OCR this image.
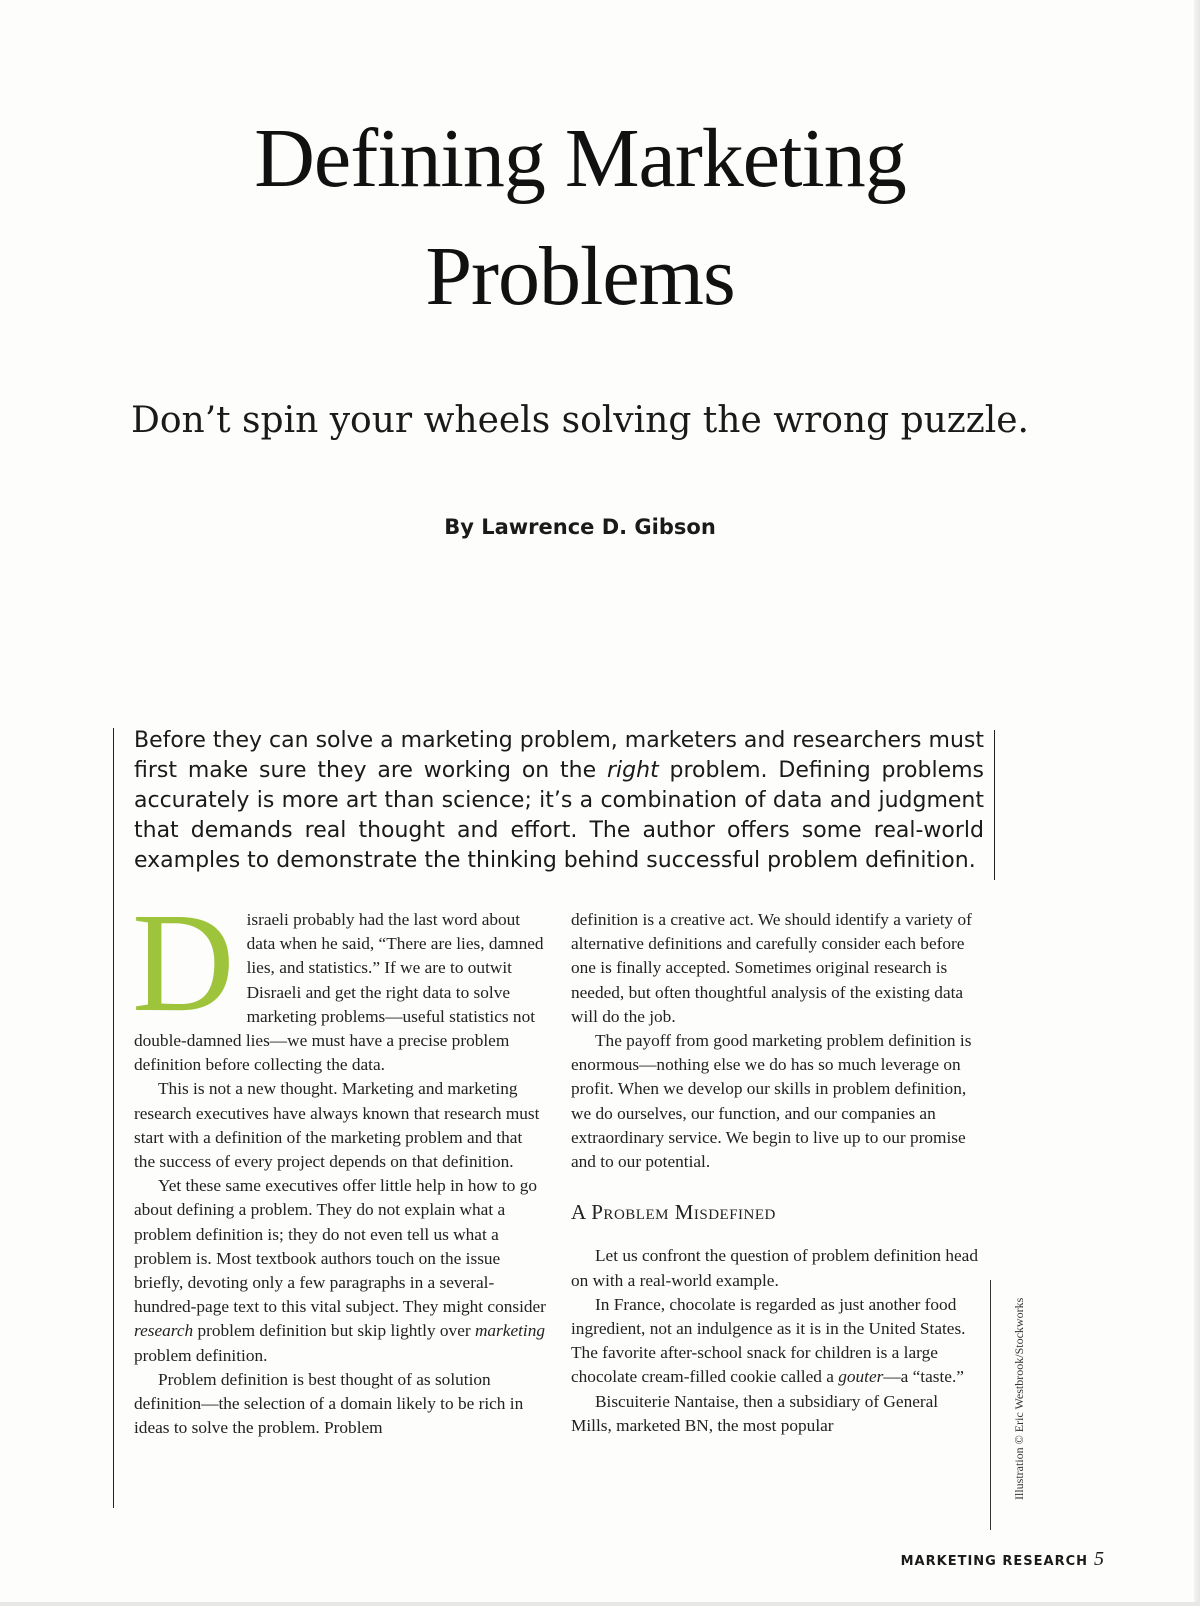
Defining Marketing
Problems
Don’t spin your wheels solving the wrong puzzle.
By Lawrence D. Gibson

Before they can solve a marketing problem, marketers and researchers must first make sure they are working on the right problem. Defining problems accurately is more art than science; it’s a combination of data and judgment that demands real thought and effort. The author offers some real-world examples to demonstrate the thinking behind successful problem definition.

Disraeli probably had the last word about data when he said, “There are lies, damned lies, and statistics.” If we are to outwit Disraeli and get the right data to solve marketing problems—useful statistics not double-damned lies—we must have a precise problem definition before collecting the data.

This is not a new thought. Marketing and marketing research executives have always known that research must start with a definition of the marketing problem and that the success of every project depends on that definition.

Yet these same executives offer little help in how to go about defining a problem. They do not explain what a problem definition is; they do not even tell us what a problem is. Most textbook authors touch on the issue briefly, devoting only a few paragraphs in a several-hundred-page text to this vital subject. They might consider research problem definition but skip lightly over marketing problem definition.

Problem definition is best thought of as solution definition—the selection of a domain likely to be rich in ideas to solve the problem. Problem

definition is a creative act. We should identify a variety of alternative definitions and carefully consider each before one is finally accepted. Sometimes original research is needed, but often thoughtful analysis of the existing data will do the job.

The payoff from good marketing problem definition is enormous—nothing else we do has so much leverage on profit. When we develop our skills in problem definition, we do ourselves, our function, and our companies an extraordinary service. We begin to live up to our promise and to our potential.

A Problem Misdefined

Let us confront the question of problem definition head on with a real-world example.

In France, chocolate is regarded as just another food ingredient, not an indulgence as it is in the United States. The favorite after-school snack for children is a large chocolate cream-filled cookie called a gouter—a “taste.”

Biscuiterie Nantaise, then a subsidiary of General Mills, marketed BN, the most popular	Illustration © Eric Westbrook/Stockworks
MARKETING RESEARCH 5
